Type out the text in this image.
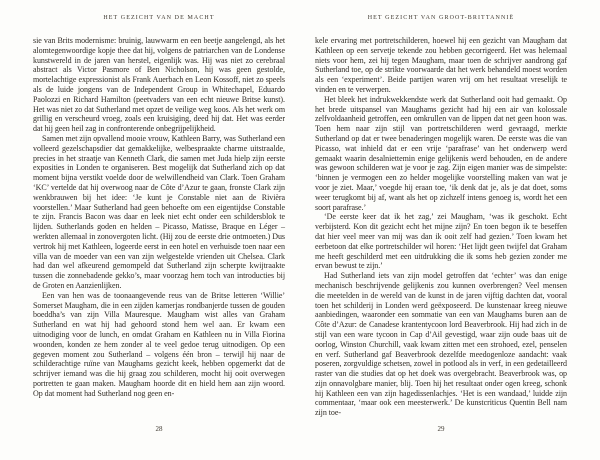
HET GEZICHT VAN DE MACHT

sie van Brits modernisme: bruinig, lauwwarm en een beetje aangelengd, als het alomtegenwoordige kopje thee dat hij, volgens de patriarchen van de Londense kunstwereld in de jaren van herstel, eigenlijk was. Hij was niet zo cerebraal abstract als Victor Pasmore of Ben Nicholson, hij was geen gestolde, mortelachtige expressionist als Frank Auerbach en Leon Kossoff, niet zo speels als de luide jongens van de Independent Group in Whitechapel, Eduardo Paolozzi en Richard Hamilton (peetvaders van een echt nieuwe Britse kunst). Het was niet zo dat Sutherland met opzet de veilige weg koos. Als het werk om grillig en verscheurd vroeg, zoals een kruisiging, deed hij dat. Het was eerder dat hij geen heil zag in confronterende onbegrijpelijkheid.

Samen met zijn opvallend mooie vrouw, Kathleen Barry, was Sutherland een volleerd gezelschapsdier dat gemakkelijke, welbespraakte charme uitstraalde, precies in het straatje van Kenneth Clark, die samen met Juda hielp zijn eerste exposities in Londen te organiseren. Best mogelijk dat Sutherland zich op dat moment bijna verstikt voelde door de welwillendheid van Clark. Toen Graham ‘KC’ vertelde dat hij overwoog naar de Côte d’Azur te gaan, fronste Clark zijn wenkbrauwen bij het idee: ‘Je kunt je Constable niet aan de Rivièra voorstellen.’ Maar Sutherland had geen behoefte om een eigentijdse Constable te zijn. Francis Bacon was daar en leek niet echt onder een schildersblok te lijden. Sutherlands goden en helden – Picasso, Matisse, Braque en Léger – werkten allemaal in zonovergoten licht. (Hij zou de eerste drie ontmoeten.) Dus vertrok hij met Kathleen, logeerde eerst in een hotel en verhuisde toen naar een villa van de moeder van een van zijn welgestelde vrienden uit Chelsea. Clark had dan wel afkeurend gemompeld dat Sutherland zijn scherpte kwijtraakte tussen die zonnebadende gekko’s, maar voorzag hem toch van introducties bij de Groten en Aanzienlijken.

Een van hen was de toonaangevende reus van de Britse letteren ‘Willie’ Somerset Maugham, die in een zijden kamerjas rondbanjerde tussen de gouden boeddha’s van zijn Villa Mauresque. Maugham wist alles van Graham Sutherland en wat hij had gehoord stond hem wel aan. Er kwam een uitnodiging voor de lunch, en omdat Graham en Kathleen nu in Villa Fiorina woonden, konden ze hem zonder al te veel gedoe terug uitnodigen. Op een gegeven moment zou Sutherland – volgens één bron – terwijl hij naar de schilderachtige ruïne van Maughams gezicht keek, hebben opgemerkt dat de schrijver iemand was die hij graag zou schilderen, mocht hij ooit overwegen portretten te gaan maken. Maugham hoorde dit en hield hem aan zijn woord. Op dat moment had Sutherland nog geen en-

28
HET GEZICHT VAN GROOT-BRITTANNIË

kele ervaring met portretschilderen, hoewel hij een gezicht van Maugham dat Kathleen op een servetje tekende zou hebben gecorrigeerd. Het was helemaal niets voor hem, zei hij tegen Maugham, maar toen de schrijver aandrong gaf Sutherland toe, op de strikte voorwaarde dat het werk behandeld moest worden als een ‘experiment’. Beide partijen waren vrij om het resultaat vreselijk te vinden en te verwerpen.

Het bleek het indrukwekkendste werk dat Sutherland ooit had gemaakt. Op het brede uitspansel van Maughams gezicht had hij een air van kolossale zelfvoldaanheid getroffen, een omkrullen van de lippen dat net geen hoon was. Toen hem naar zijn stijl van portretschilderen werd gevraagd, merkte Sutherland op dat er twee benaderingen mogelijk waren. De eerste was die van Picasso, wat inhield dat er een vrije ‘parafrase’ van het onderwerp werd gemaakt waarin desalniettemin enige gelijkenis werd behouden, en de andere was gewoon schilderen wat je voor je zag. Zijn eigen manier was de simpelste: ‘binnen je vermogen een zo helder mogelijke voorstelling maken van wat je voor je ziet. Maar,’ voegde hij eraan toe, ‘ik denk dat je, als je dat doet, soms weer terugkomt bij af, want als het op zichzelf intens genoeg is, wordt het een soort parafrase.’

‘De eerste keer dat ik het zag,’ zei Maugham, ‘was ik geschokt. Echt verbijsterd. Kon dit gezicht echt het mijne zijn? En toen begon ik te beseffen dat hier veel meer van mij was dan ik ooit zelf had gezien.’ Toen kwam het eerbetoon dat elke portretschilder wil horen: ‘Het lijdt geen twijfel dat Graham me heeft geschilderd met een uitdrukking die ik soms heb gezien zonder me ervan bewust te zijn.’

Had Sutherland iets van zijn model getroffen dat ‘echter’ was dan enige mechanisch beschrijvende gelijkenis zou kunnen overbrengen? Veel mensen die meetelden in de wereld van de kunst in de jaren vijftig dachten dat, vooral toen het schilderij in Londen werd geëxposeerd. De kunstenaar kreeg nieuwe aanbiedingen, waaronder een sommatie van een van Maughams buren aan de Côte d’Azur: de Canadese krantentycoon lord Beaverbrook. Hij had zich in de stijl van een ware tycoon in Cap d’Ail gevestigd, waar zijn oude baas uit de oorlog, Winston Churchill, vaak kwam zitten met een strohoed, ezel, penselen en verf. Sutherland gaf Beaverbrook dezelfde meedogenloze aandacht: vaak poseren, zorgvuldige schetsen, zowel in potlood als in verf, in een gedetailleerd raster van die studies dat op het doek was overgebracht. Beaverbrook was, op zijn onnavolgbare manier, blij. Toen hij het resultaat onder ogen kreeg, schonk hij Kathleen een van zijn hagedissenlachjes. ‘Het is een wandaad,’ luidde zijn commentaar, ‘maar ook een meesterwerk.’ De kunstcriticus Quentin Bell nam zijn toe-

29
